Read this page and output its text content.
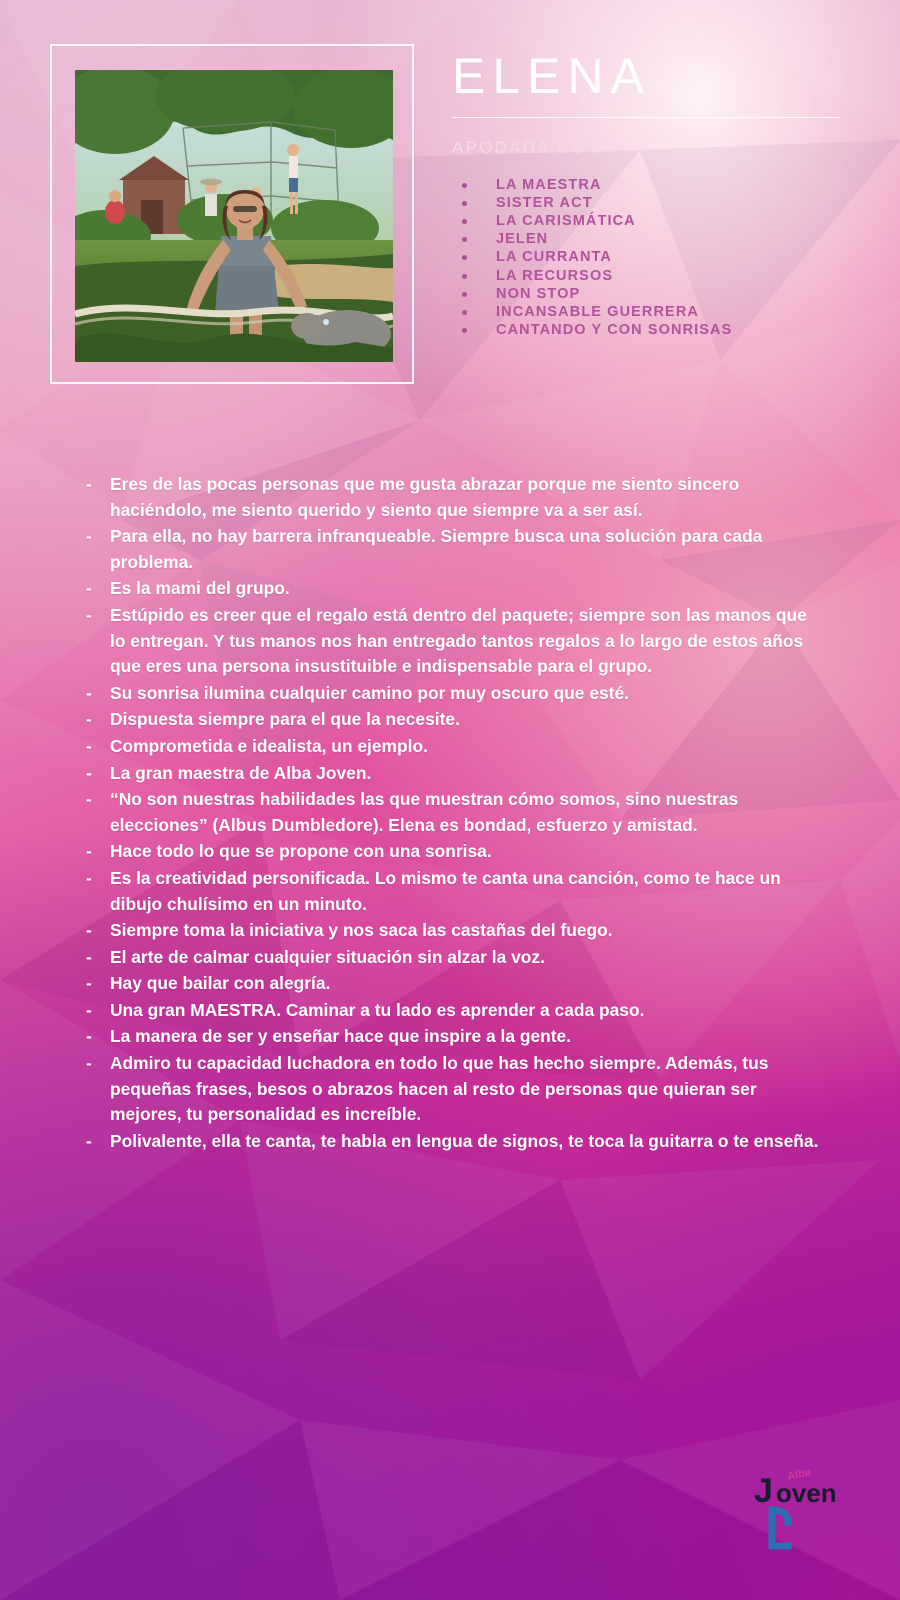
ELENA
APODADA COMO :
LA MAESTRA
SISTER ACT
LA CARISMÁTICA
JELEN
LA CURRANTA
LA RECURSOS
NON STOP
INCANSABLE GUERRERA
CANTANDO Y CON SONRISAS
- Eres de las pocas personas que me gusta abrazar porque me siento sincero haciéndolo, me siento querido y siento que siempre va a ser así.
- Para ella, no hay barrera infranqueable. Siempre busca una solución para cada problema.
- Es la mami del grupo.
- Estúpido es creer que el regalo está dentro del paquete; siempre son las manos que lo entregan. Y tus manos nos han entregado tantos regalos a lo largo de estos años que eres una persona insustituible e indispensable para el grupo.
- Su sonrisa ilumina cualquier camino por muy oscuro que esté.
- Dispuesta siempre para el que la necesite.
- Comprometida e idealista, un ejemplo.
- La gran maestra de Alba Joven.
- “No son nuestras habilidades las que muestran cómo somos, sino nuestras elecciones” (Albus Dumbledore). Elena es bondad, esfuerzo y amistad.
- Hace todo lo que se propone con una sonrisa.
- Es la creatividad personificada. Lo mismo te canta una canción, como te hace un dibujo chulísimo en un minuto.
- Siempre toma la iniciativa y nos saca las castañas del fuego.
- El arte de calmar cualquier situación sin alzar la voz.
- Hay que bailar con alegría.
- Una gran MAESTRA. Caminar a tu lado es aprender a cada paso.
- La manera de ser y enseñar hace que inspire a la gente.
- Admiro tu capacidad luchadora en todo lo que has hecho siempre. Además, tus pequeñas frases, besos o abrazos hacen al resto de personas que quieran ser mejores, tu personalidad es increíble.
- Polivalente, ella te canta, te habla en lengua de signos, te toca la guitarra o te enseña.
J oven
Alba
